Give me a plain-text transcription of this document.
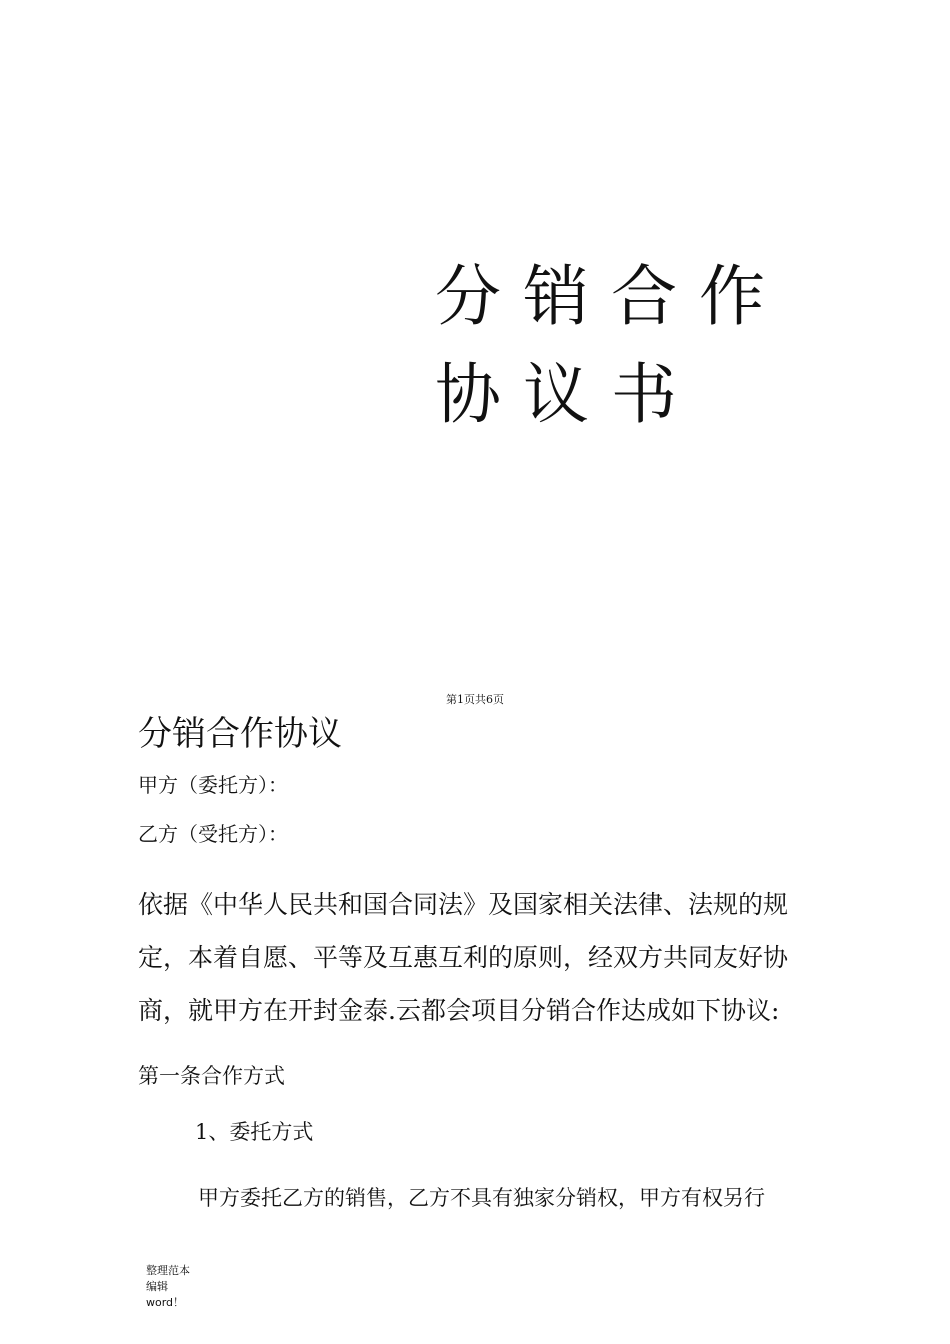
分销合作协议书
第1页共6页
分销合作协议
甲方（委托方）：
乙方（受托方）：
依据《中华人民共和国合同法》及国家相关法律、法规的规
定，本着自愿、平等及互惠互利的原则，经双方共同友好协
商，就甲方在开封金泰.云都会项目分销合作达成如下协议:
第一条合作方式
1、委托方式
甲方委托乙方的销售，乙方不具有独家分销权，甲方有权另行
整理范本编辑word！
